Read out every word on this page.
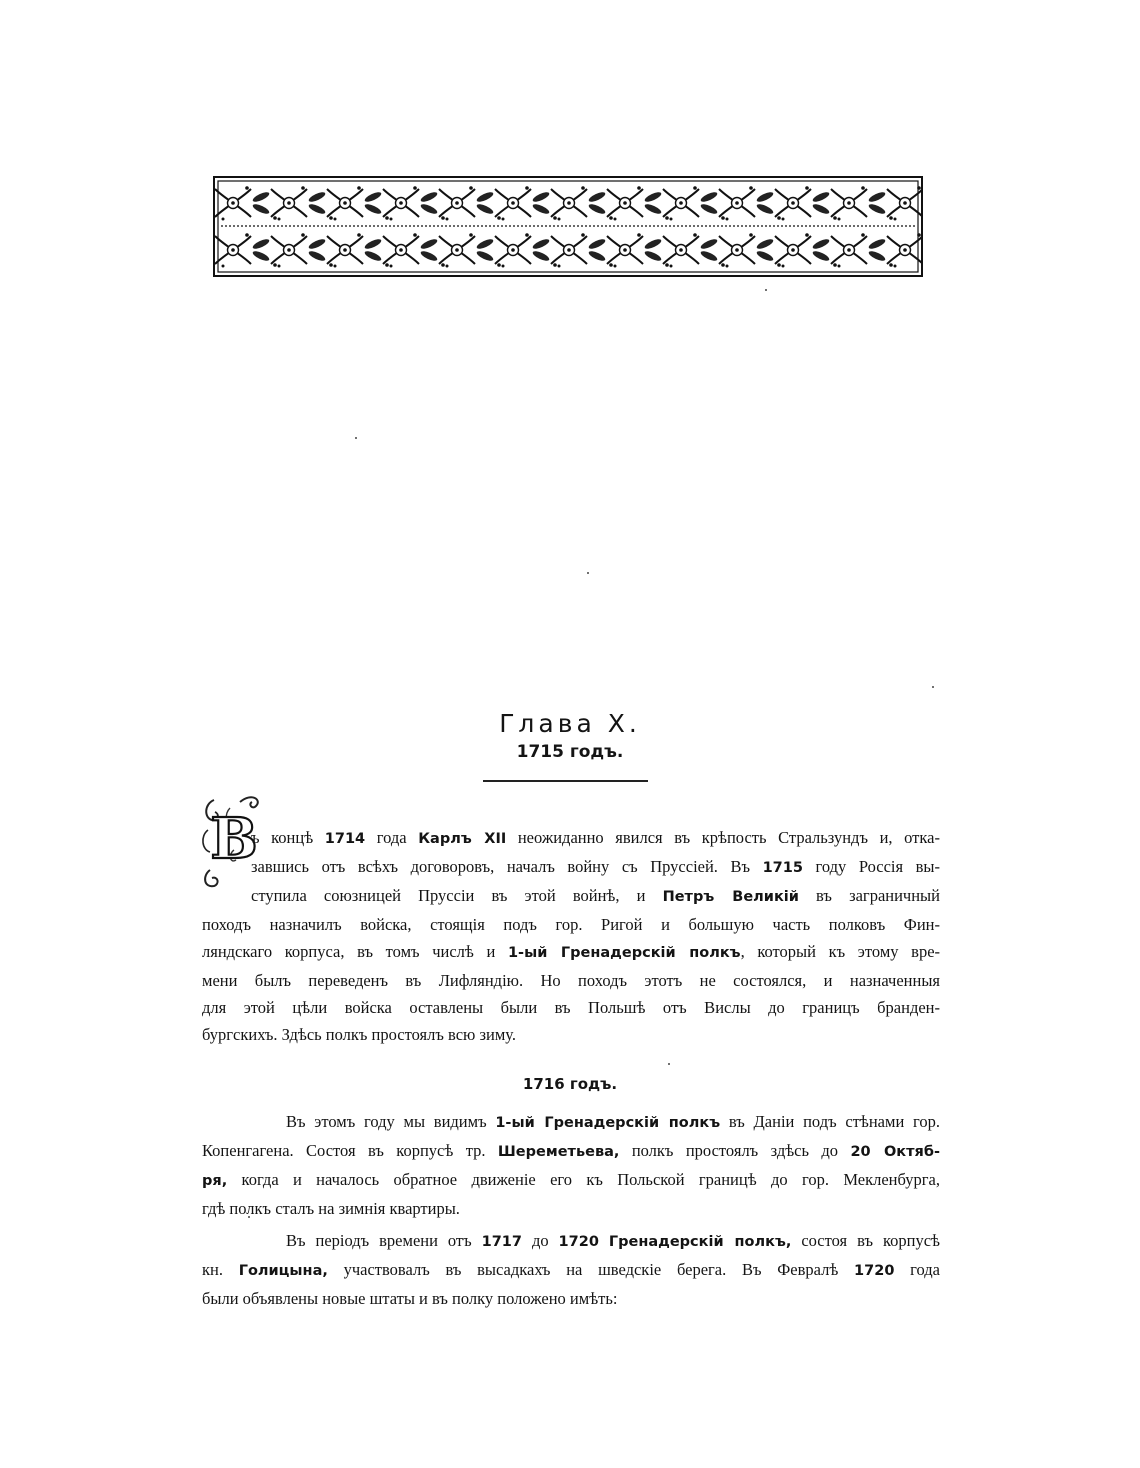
Глава X.
1715 годъ.
В
ъ концѣ 1714 года Карлъ XII неожиданно явился въ крѣпость Стральзундъ и, отка-
завшись отъ всѣхъ договоровъ, началъ войну съ Пруссіей. Въ 1715 году Россія вы-
ступила союзницей Пруссіи въ этой войнѣ, и Петръ Великій въ заграничный
походъ назначилъ войска, стоящія подъ гор. Ригой и большую часть полковъ Фин-
ляндскаго корпуса, въ томъ числѣ и 1-ый Гренадерскій полкъ, который къ этому вре-
мени былъ переведенъ въ Лифляндію. Но походъ этотъ не состоялся, и назначенныя
для этой цѣли войска оставлены были въ Польшѣ отъ Вислы до границъ бранден-
бургскихъ. Здѣсь полкъ простоялъ всю зиму.
1716 годъ.
Въ этомъ году мы видимъ 1-ый Гренадерскій полкъ въ Даніи подъ стѣнами гор.
Копенгагена. Состоя въ корпусѣ тр. Шереметьева, полкъ простоялъ здѣсь до 20 Октяб-
ря, когда и началось обратное движеніе его къ Польской границѣ до гор. Мекленбурга,
гдѣ полкъ сталъ на зимнія квартиры.
Въ періодъ времени отъ 1717 до 1720 Гренадерскій полкъ, состоя въ корпусѣ
кн. Голицына, участвовалъ въ высадкахъ на шведскіе берега. Въ Февралѣ 1720 года
были объявлены новые штаты и въ полку положено имѣть:
